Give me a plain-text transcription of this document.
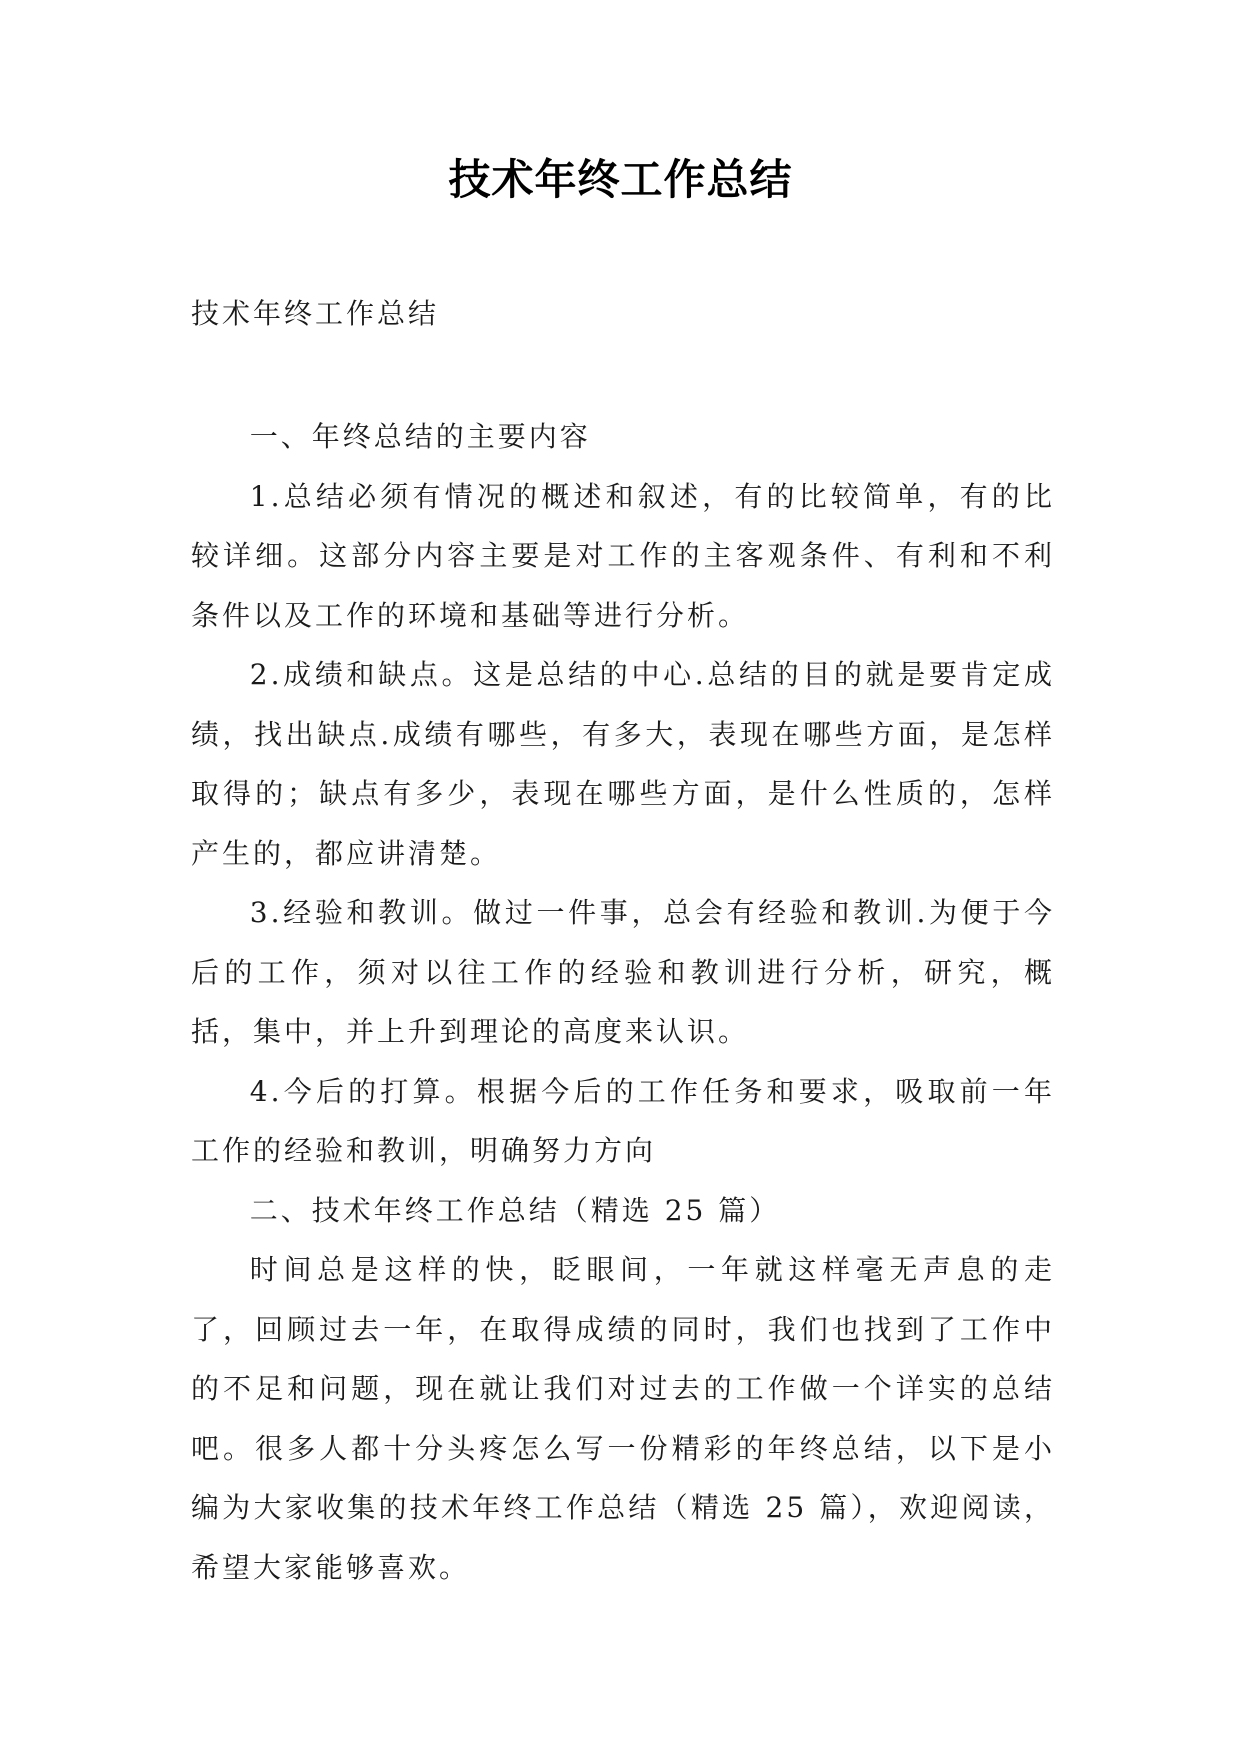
技术年终工作总结
技术年终工作总结

一、年终总结的主要内容

1.总结必须有情况的概述和叙述，有的比较简单，有的比较详细。这部分内容主要是对工作的主客观条件、有利和不利条件以及工作的环境和基础等进行分析。

2.成绩和缺点。这是总结的中心.总结的目的就是要肯定成绩，找出缺点.成绩有哪些，有多大，表现在哪些方面，是怎样取得的；缺点有多少，表现在哪些方面，是什么性质的，怎样产生的，都应讲清楚。

3.经验和教训。做过一件事，总会有经验和教训.为便于今后的工作，须对以往工作的经验和教训进行分析，研究，概括，集中，并上升到理论的高度来认识。

4.今后的打算。根据今后的工作任务和要求，吸取前一年工作的经验和教训，明确努力方向

二、技术年终工作总结（精选 25 篇）

时间总是这样的快，眨眼间，一年就这样毫无声息的走了，回顾过去一年，在取得成绩的同时，我们也找到了工作中的不足和问题，现在就让我们对过去的工作做一个详实的总结吧。很多人都十分头疼怎么写一份精彩的年终总结，以下是小编为大家收集的技术年终工作总结（精选 25 篇），欢迎阅读，希望大家能够喜欢。
